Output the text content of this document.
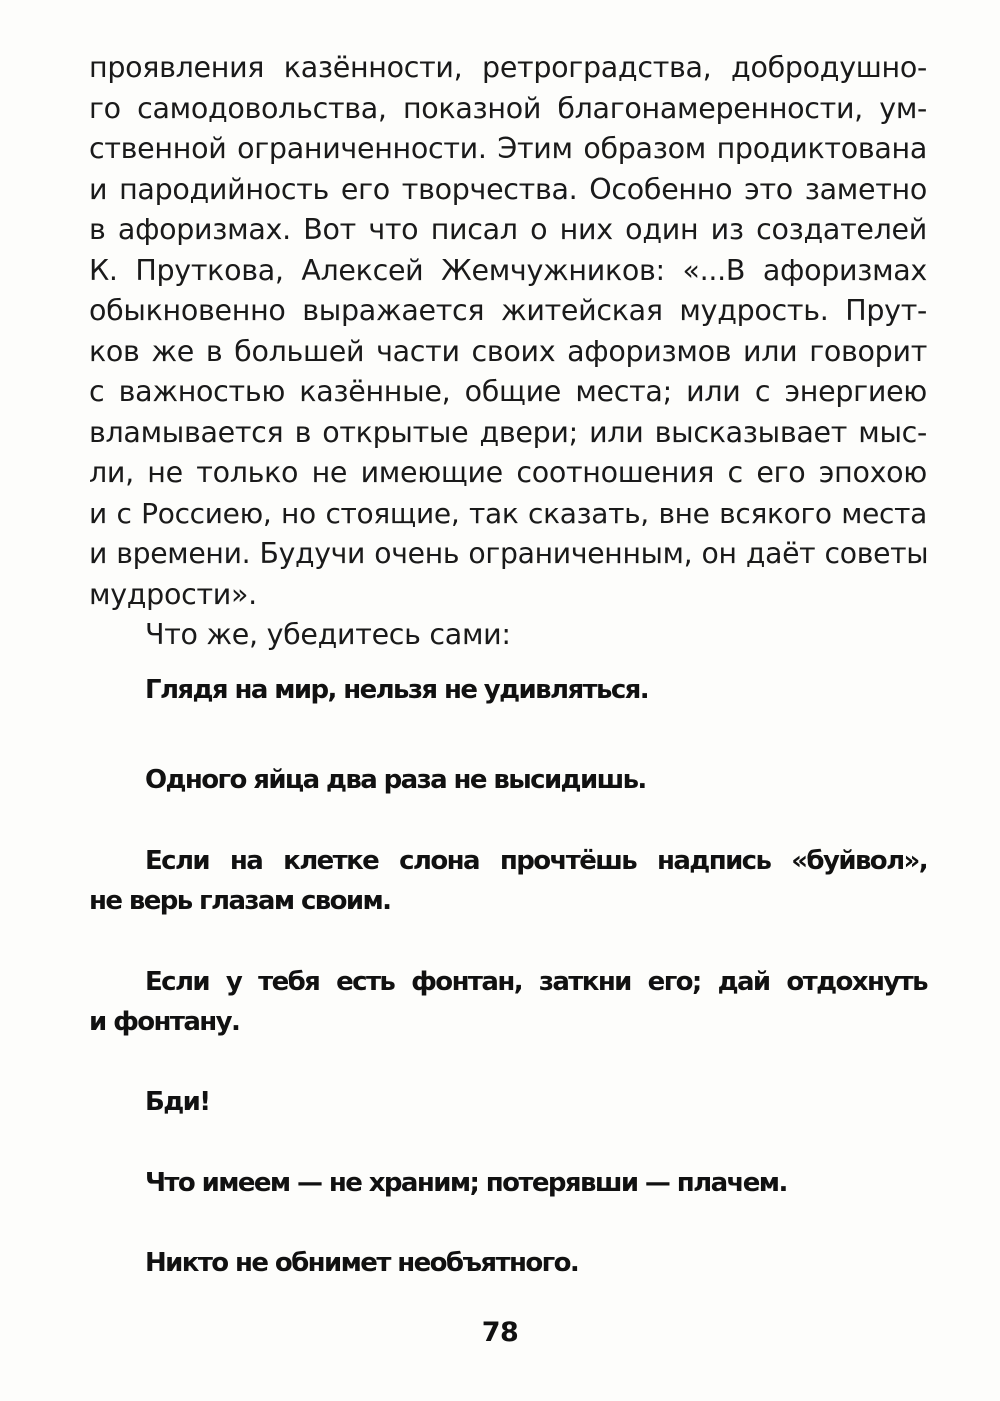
проявления казённости, ретроградства, добродушно-
го самодовольства, показной благонамеренности, ум-
ственной ограниченности. Этим образом продиктована
и пародийность его творчества. Особенно это заметно
в афоризмах. Вот что писал о них один из создателей
К. Пруткова, Алексей Жемчужников: «...В афоризмах
обыкновенно выражается житейская мудрость. Прут-
ков же в большей части своих афоризмов или говорит
с важностью казённые, общие места; или с энергиею
вламывается в открытые двери; или высказывает мыс-
ли, не только не имеющие соотношения с его эпохою
и с Россиею, но стоящие, так сказать, вне всякого места
и времени. Будучи очень ограниченным, он даёт советы
мудрости».
Что же, убедитесь сами:
Глядя на мир, нельзя не удивляться.
Одного яйца два раза не высидишь.
Если на клетке слона прочтёшь надпись «буйвол»,
не верь глазам своим.
Если у тебя есть фонтан, заткни его; дай отдохнуть
и фонтану.
Бди!
Что имеем — не храним; потерявши — плачем.
Никто не обнимет необъятного.
78
